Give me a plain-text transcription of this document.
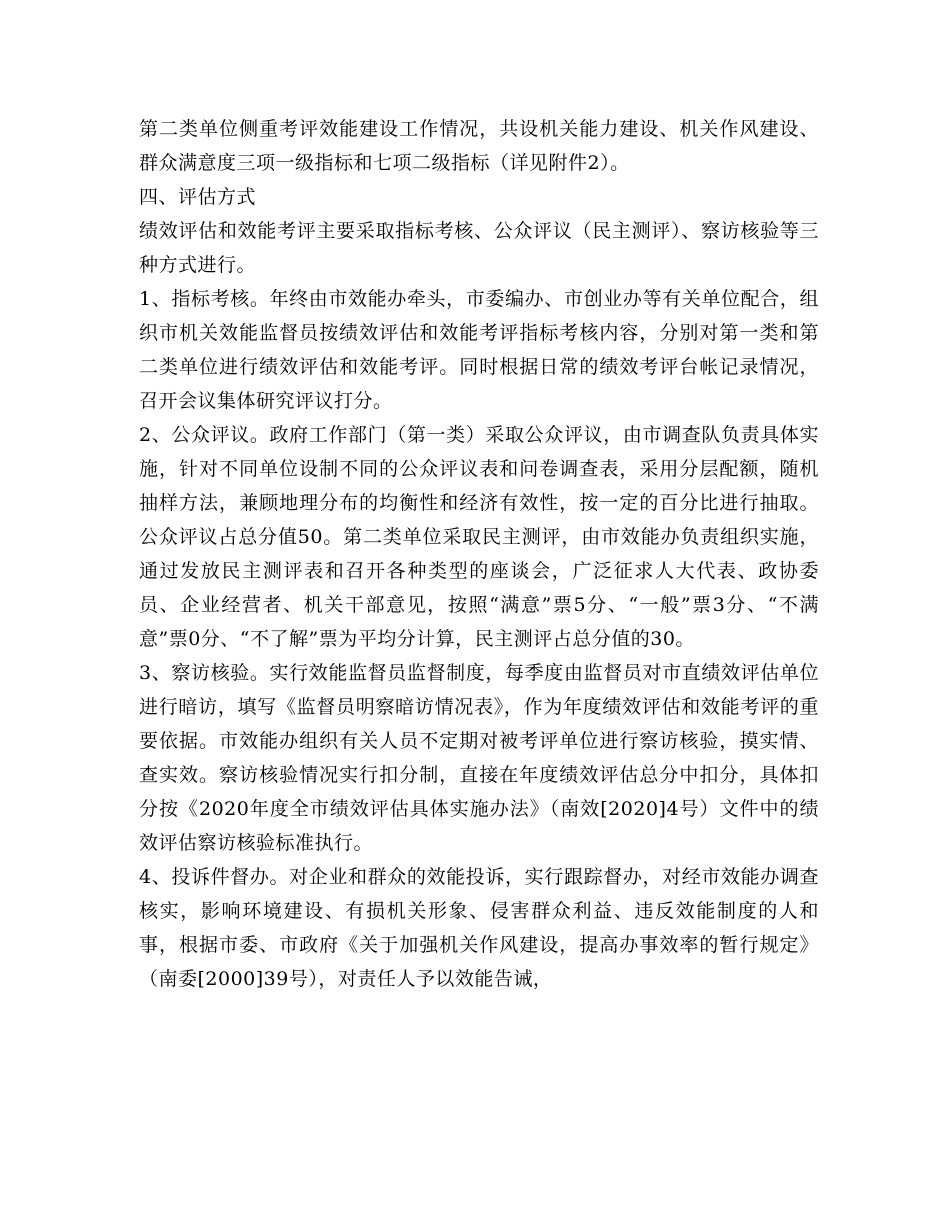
第二类单位侧重考评效能建设工作情况，共设机关能力建设、机关作风建设、群众满意度三项一级指标和七项二级指标（详见附件2）。

四、评估方式

绩效评估和效能考评主要采取指标考核、公众评议（民主测评）、察访核验等三种方式进行。

1、指标考核。年终由市效能办牵头，市委编办、市创业办等有关单位配合，组织市机关效能监督员按绩效评估和效能考评指标考核内容，分别对第一类和第二类单位进行绩效评估和效能考评。同时根据日常的绩效考评台帐记录情况，召开会议集体研究评议打分。

2、公众评议。政府工作部门（第一类）采取公众评议，由市调查队负责具体实施，针对不同单位设制不同的公众评议表和问卷调查表，采用分层配额，随机抽样方法，兼顾地理分布的均衡性和经济有效性，按一定的百分比进行抽取。公众评议占总分值50。第二类单位采取民主测评，由市效能办负责组织实施，通过发放民主测评表和召开各种类型的座谈会，广泛征求人大代表、政协委员、企业经营者、机关干部意见，按照“满意”票5分、“一般”票3分、“不满意”票0分、“不了解”票为平均分计算，民主测评占总分值的30。

3、察访核验。实行效能监督员监督制度，每季度由监督员对市直绩效评估单位进行暗访，填写《监督员明察暗访情况表》，作为年度绩效评估和效能考评的重要依据。市效能办组织有关人员不定期对被考评单位进行察访核验，摸实情、查实效。察访核验情况实行扣分制，直接在年度绩效评估总分中扣分，具体扣分按《2020年度全市绩效评估具体实施办法》（南效[2020]4号）文件中的绩效评估察访核验标准执行。

4、投诉件督办。对企业和群众的效能投诉，实行跟踪督办，对经市效能办调查核实，影响环境建设、有损机关形象、侵害群众利益、违反效能制度的人和事，根据市委、市政府《关于加强机关作风建设，提高办事效率的暂行规定》（南委[2000]39号），对责任人予以效能告诫，
